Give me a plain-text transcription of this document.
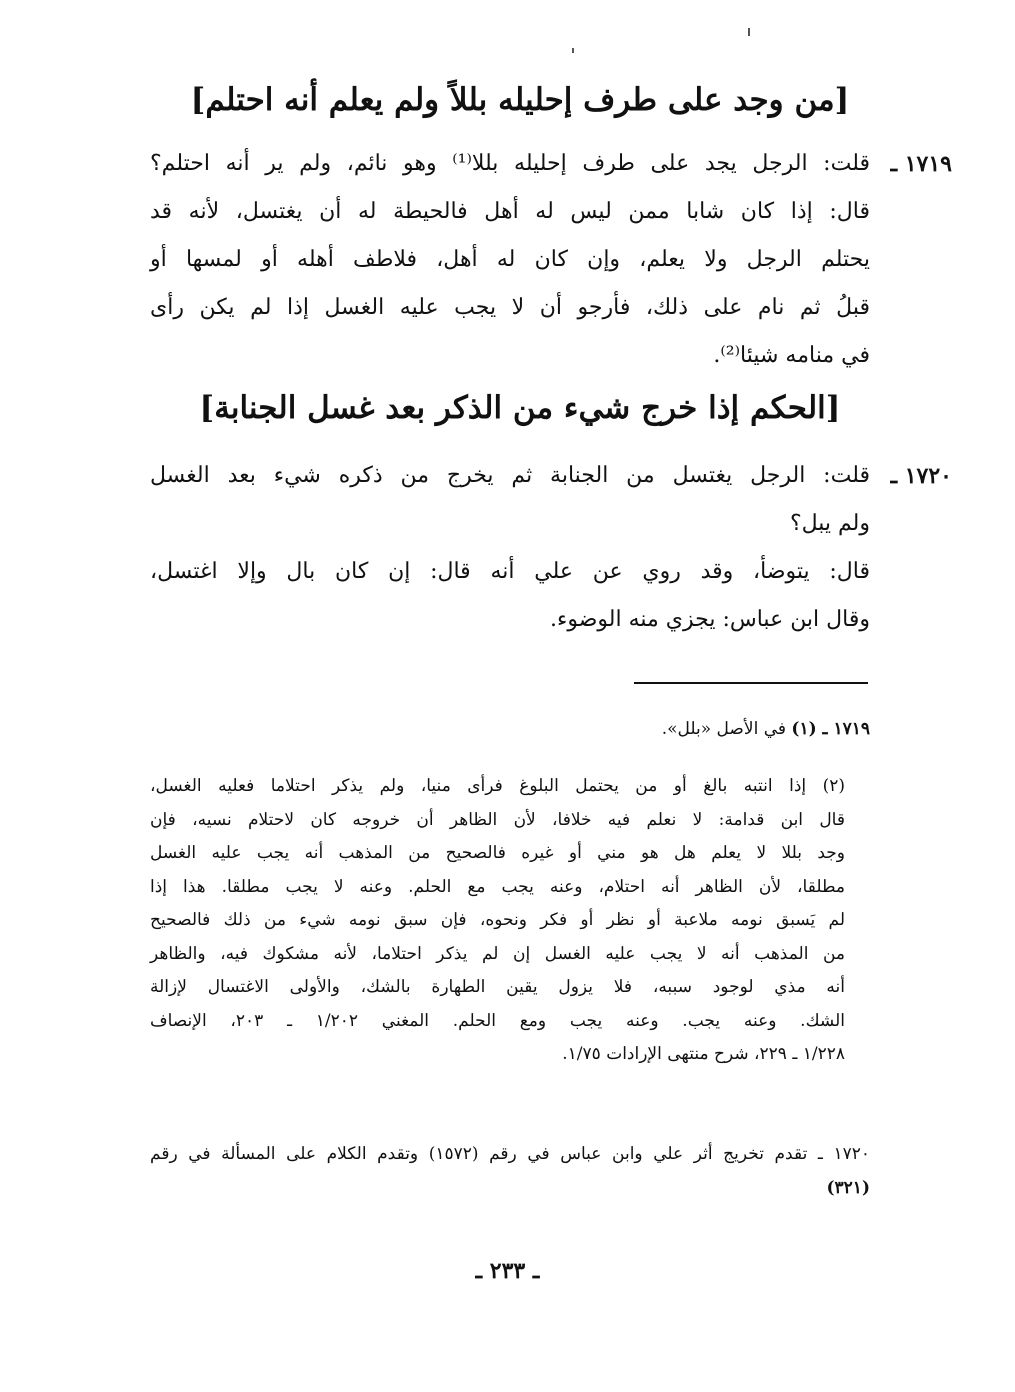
[من وجد على طرف إحليله بللاً ولم يعلم أنه احتلم]
١٧١٩ ـ
قلت: الرجل يجد على طرف إحليله بللا⁽¹⁾ وهو نائم، ولم ير أنه احتلم؟
قال: إذا كان شابا ممن ليس له أهل فالحيطة له أن يغتسل، لأنه قد
يحتلم الرجل ولا يعلم، وإن كان له أهل، فلاطف أهله أو لمسها أو
قبلُ ثم نام على ذلك، فأرجو أن لا يجب عليه الغسل إذا لم يكن رأى
في منامه شيئا⁽²⁾.
[الحكم إذا خرج شيء من الذكر بعد غسل الجنابة]
١٧٢٠ ـ
قلت: الرجل يغتسل من الجنابة ثم يخرج من ذكره شيء بعد الغسل
ولم يبل؟
قال: يتوضأ، وقد روي عن علي أنه قال: إن كان بال وإلا اغتسل،
وقال ابن عباس: يجزي منه الوضوء.
١٧١٩ ـ (١) في الأصل «بلل».
(٢) إذا انتبه بالغ أو من يحتمل البلوغ فرأى منيا، ولم يذكر احتلاما فعليه الغسل،
قال ابن قدامة: لا نعلم فيه خلافا، لأن الظاهر أن خروجه كان لاحتلام نسيه، فإن
وجد بللا لا يعلم هل هو مني أو غيره فالصحيح من المذهب أنه يجب عليه الغسل
مطلقا، لأن الظاهر أنه احتلام، وعنه يجب مع الحلم. وعنه لا يجب مطلقا. هذا إذا
لم يَسبق نومه ملاعبة أو نظر أو فكر ونحوه، فإن سبق نومه شيء من ذلك فالصحيح
من المذهب أنه لا يجب عليه الغسل إن لم يذكر احتلاما، لأنه مشكوك فيه، والظاهر
أنه مذي لوجود سببه، فلا يزول يقين الطهارة بالشك، والأولى الاغتسال لإزالة
الشك. وعنه يجب. وعنه يجب ومع الحلم. المغني ١/٢٠٢ ـ ٢٠٣، الإنصاف
١/٢٢٨ ـ ٢٢٩، شرح منتهى الإرادات ١/٧٥.
١٧٢٠ ـ تقدم تخريج أثر علي وابن عباس في رقم (١٥٧٢) وتقدم الكلام على المسألة في رقم
(٣٢١)
ـ ٢٣٣ ـ
